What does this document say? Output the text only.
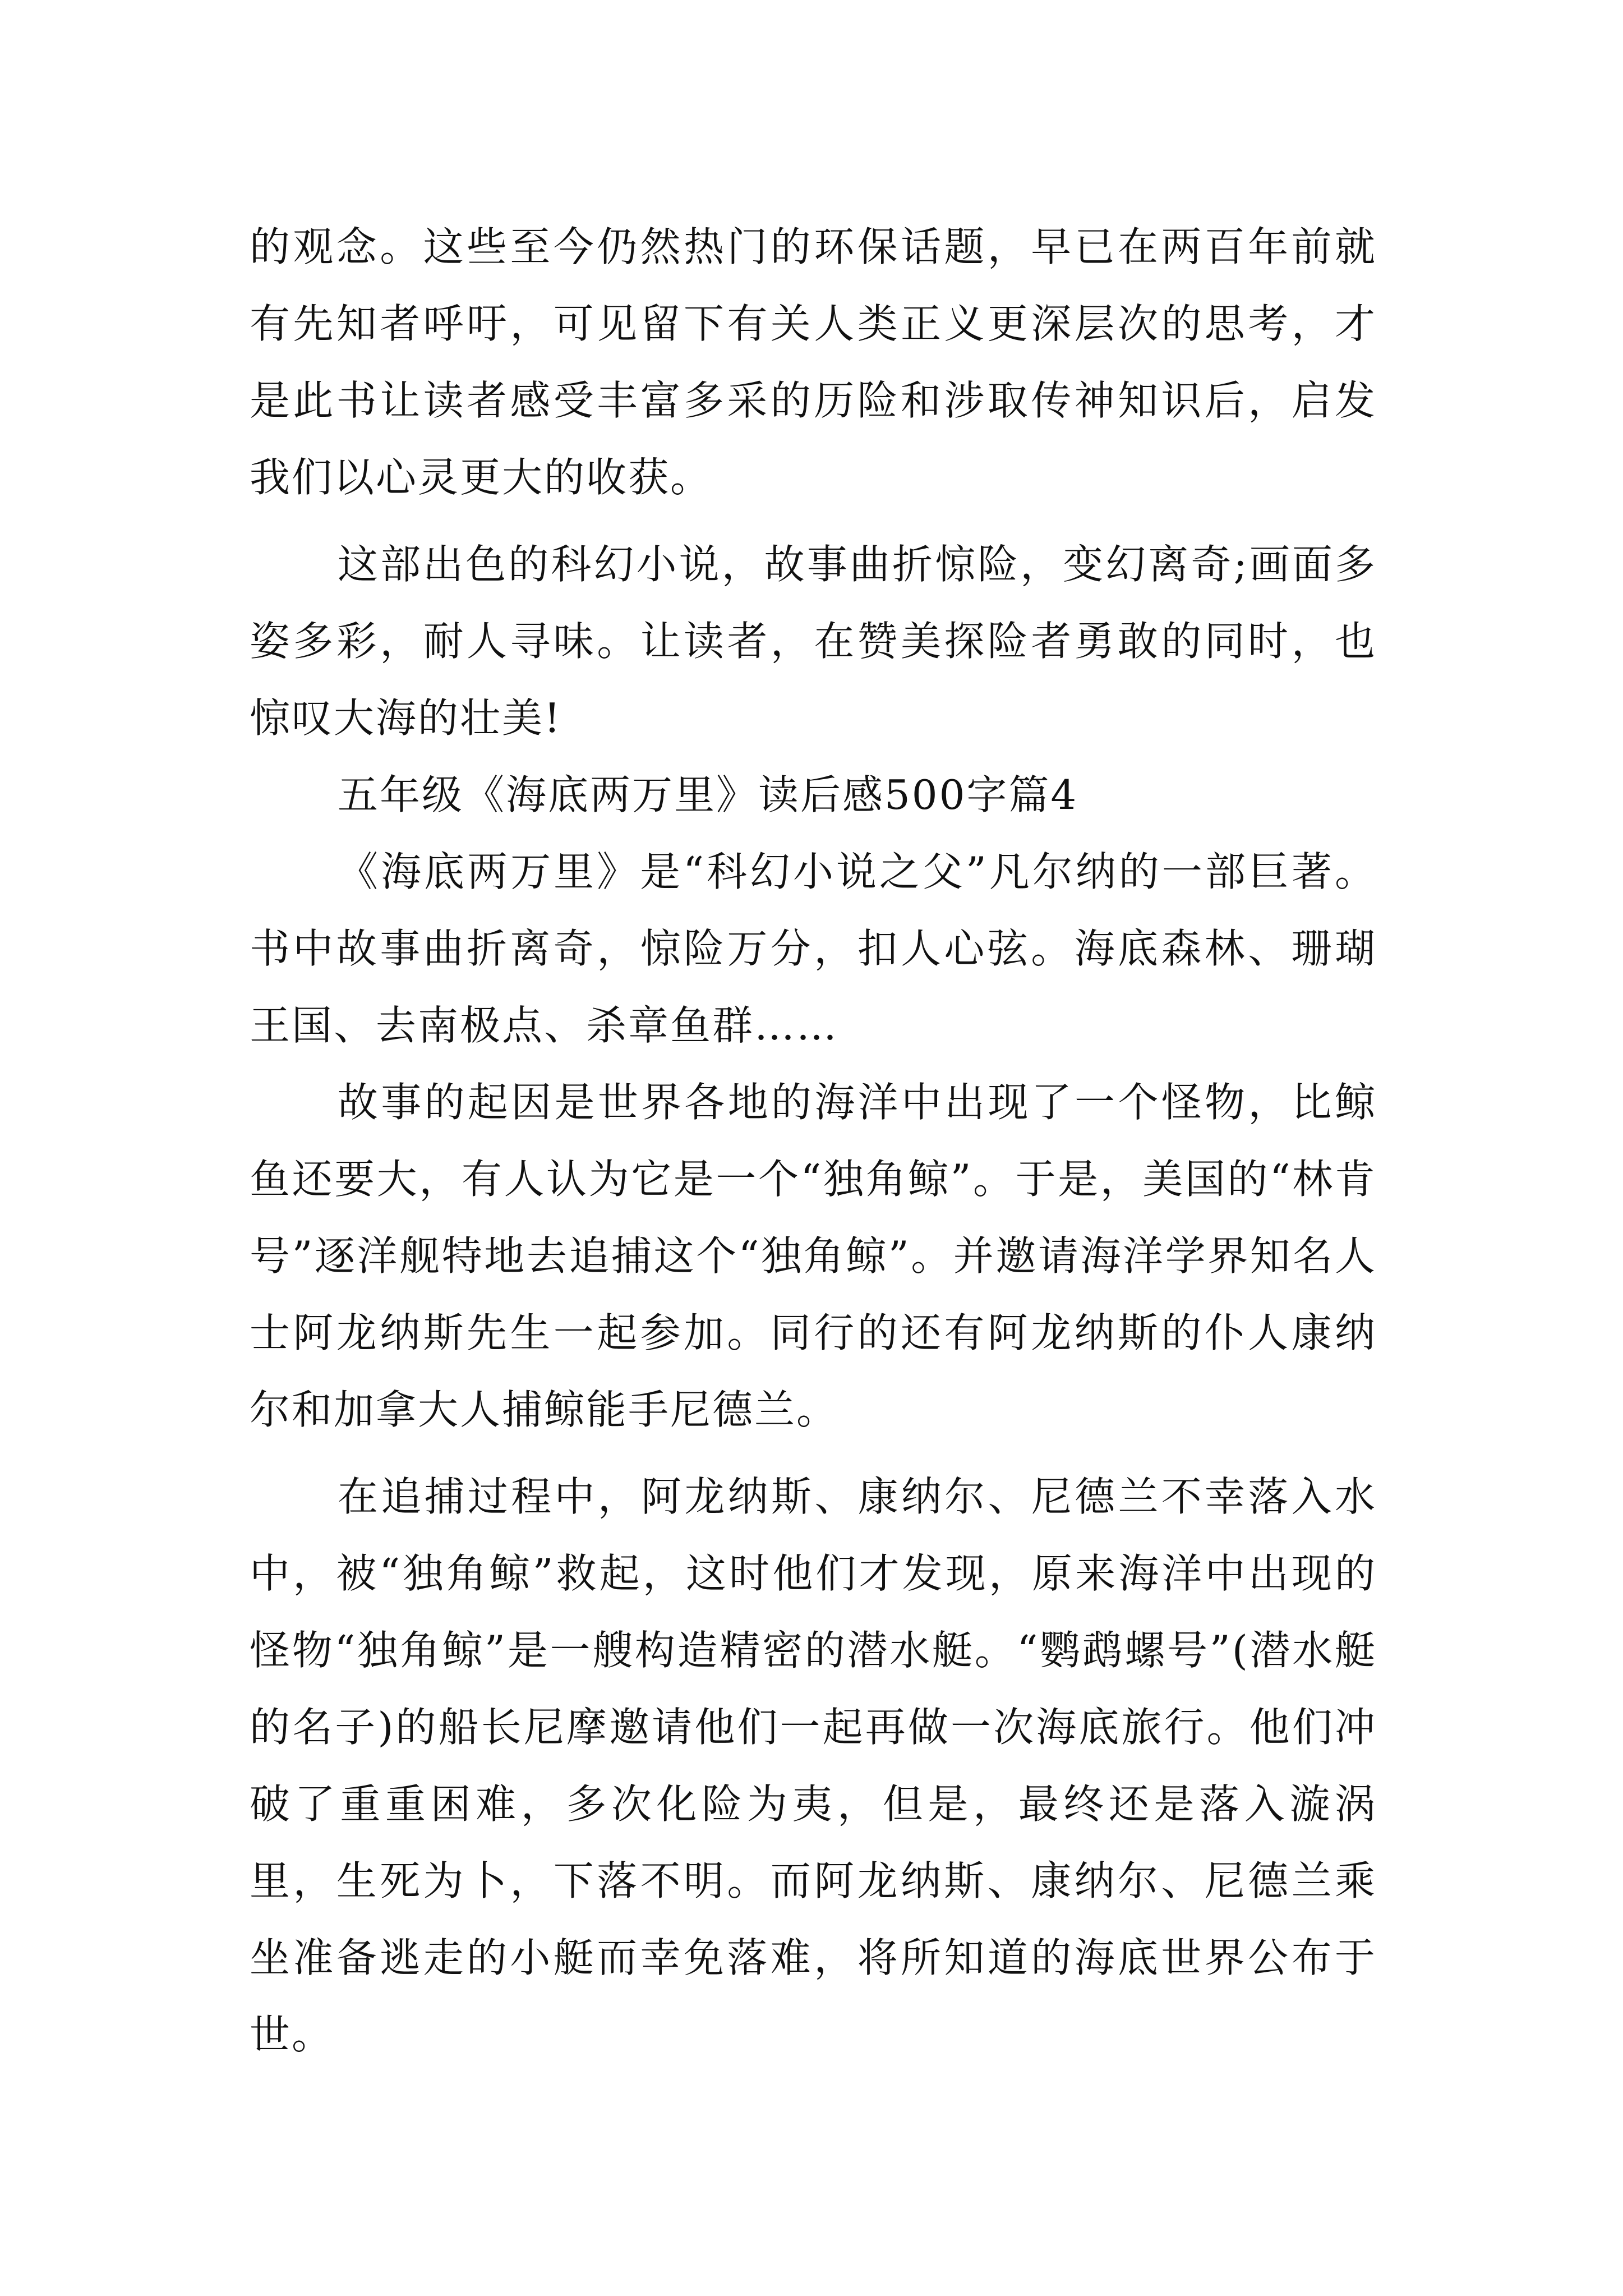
的观念。这些至今仍然热门的环保话题，早已在两百年前就有先知者呼吁，可见留下有关人类正义更深层次的思考，才是此书让读者感受丰富多采的历险和涉取传神知识后，启发我们以心灵更大的收获。

这部出色的科幻小说，故事曲折惊险，变幻离奇;画面多姿多彩，耐人寻味。让读者，在赞美探险者勇敢的同时，也惊叹大海的壮美!

五年级《海底两万里》读后感500字篇4

《海底两万里》是“科幻小说之父”凡尔纳的一部巨著。书中故事曲折离奇，惊险万分，扣人心弦。海底森林、珊瑚王国、去南极点、杀章鱼群……

故事的起因是世界各地的海洋中出现了一个怪物，比鲸鱼还要大，有人认为它是一个“独角鲸”。于是，美国的“林肯号”逐洋舰特地去追捕这个“独角鲸”。并邀请海洋学界知名人士阿龙纳斯先生一起参加。同行的还有阿龙纳斯的仆人康纳尔和加拿大人捕鲸能手尼德兰。

在追捕过程中，阿龙纳斯、康纳尔、尼德兰不幸落入水中，被“独角鲸”救起，这时他们才发现，原来海洋中出现的怪物“独角鲸”是一艘构造精密的潜水艇。“鹦鹉螺号”(潜水艇的名子)的船长尼摩邀请他们一起再做一次海底旅行。他们冲破了重重困难，多次化险为夷，但是，最终还是落入漩涡里，生死为卜，下落不明。而阿龙纳斯、康纳尔、尼德兰乘坐准备逃走的小艇而幸免落难，将所知道的海底世界公布于世。
